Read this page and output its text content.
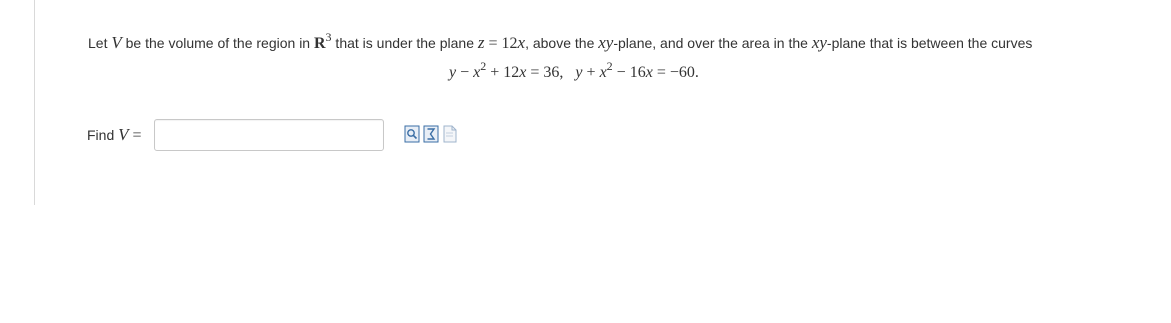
Let V be the volume of the region in R3 that is under the plane z = 12x, above the xy-plane, and over the area in the xy-plane that is between the curves
$y - x^2 + 12x = 36$, $y + x^2 - 16x = -60$.
Find V =
